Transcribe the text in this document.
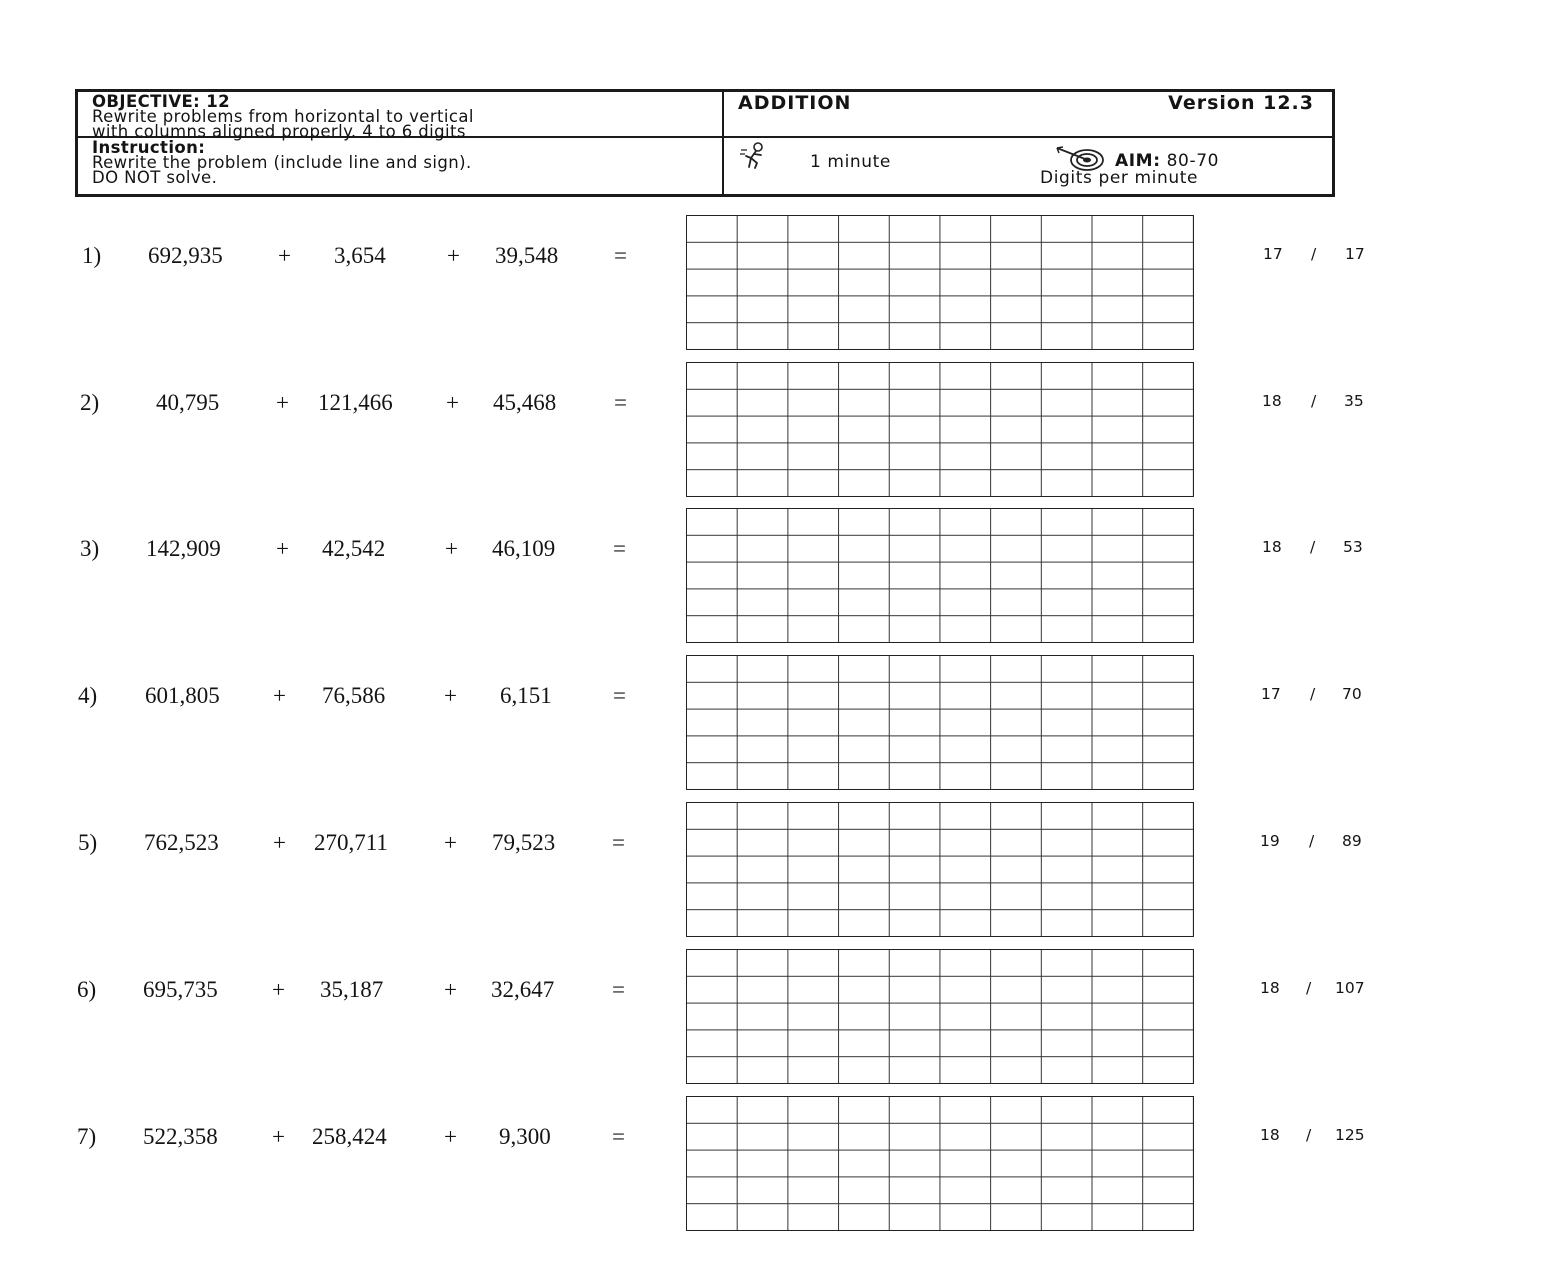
OBJECTIVE: 12
Rewrite problems from horizontal to vertical
with columns aligned properly. 4 to 6 digits
Instruction:
Rewrite the problem (include line and sign).
DO NOT solve.
ADDITION	Version 12.3
1 minute	AIM: 80-70
Digits per minute
1) 692,935 + 3,654	+ 39,548 =	17 / 17
2) 40,795 + 121,466 + 45,468	=	18 / 35
3) 142,909 + 42,542	+ 46,109	=	18 / 53
4) 601,805 + 76,586	+ 6,151	=	17 / 70
5) 762,523 + 270,711 + 79,523 =	19 / 89
6) 695,735 + 35,187	+ 32,647	=	18 / 107
7) 522,358 + 258,424 + 9,300	=	18 / 125
